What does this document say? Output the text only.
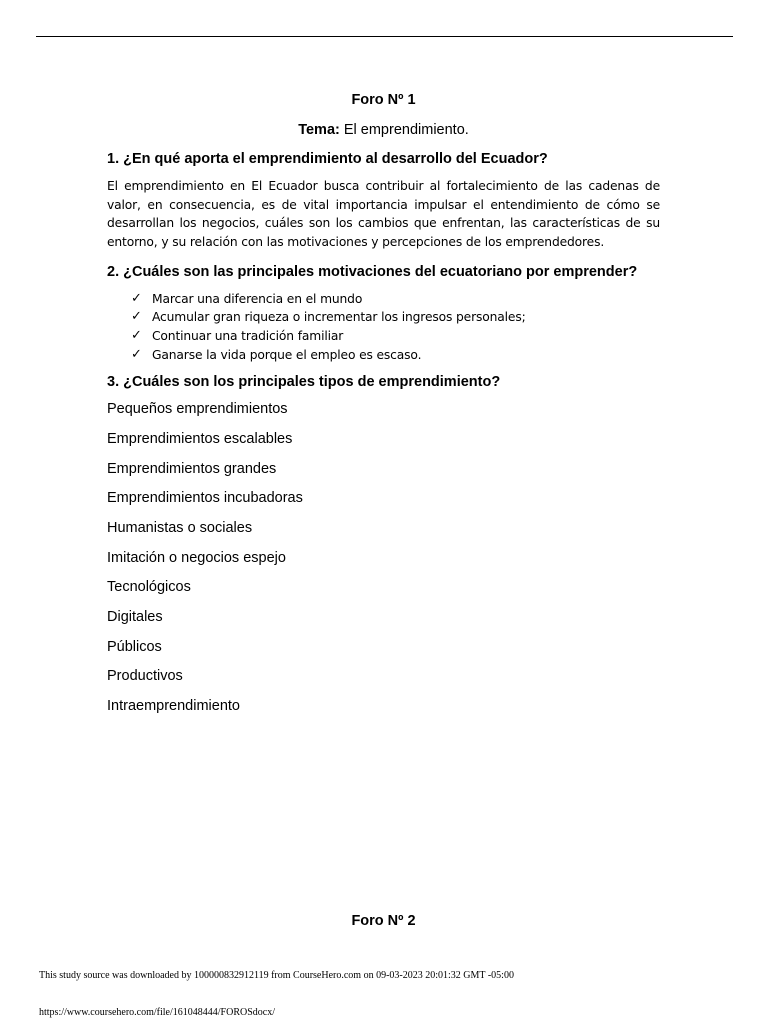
Foro Nº 1

Tema: El emprendimiento.

1. ¿En qué aporta el emprendimiento al desarrollo del Ecuador?

El emprendimiento en El Ecuador busca contribuir al fortalecimiento de las cadenas de valor, en consecuencia, es de vital importancia impulsar el entendimiento de cómo se desarrollan los negocios, cuáles son los cambios que enfrentan, las características de su entorno, y su relación con las motivaciones y percepciones de los emprendedores.

2. ¿Cuáles son las principales motivaciones del ecuatoriano por emprender?
✓ Marcar una diferencia en el mundo
✓ Acumular gran riqueza o incrementar los ingresos personales;
✓ Continuar una tradición familiar
✓ Ganarse la vida porque el empleo es escaso.
3. ¿Cuáles son los principales tipos de emprendimiento?
Pequeños emprendimientos
Emprendimientos escalables
Emprendimientos grandes
Emprendimientos incubadoras
Humanistas o sociales
Imitación o negocios espejo
Tecnológicos
Digitales
Públicos
Productivos
Intraemprendimiento
Foro Nº 2

This study source was downloaded by 100000832912119 from CourseHero.com on 09-03-2023 20:01:32 GMT -05:00

https://www.coursehero.com/file/161048444/FOROSdocx/
